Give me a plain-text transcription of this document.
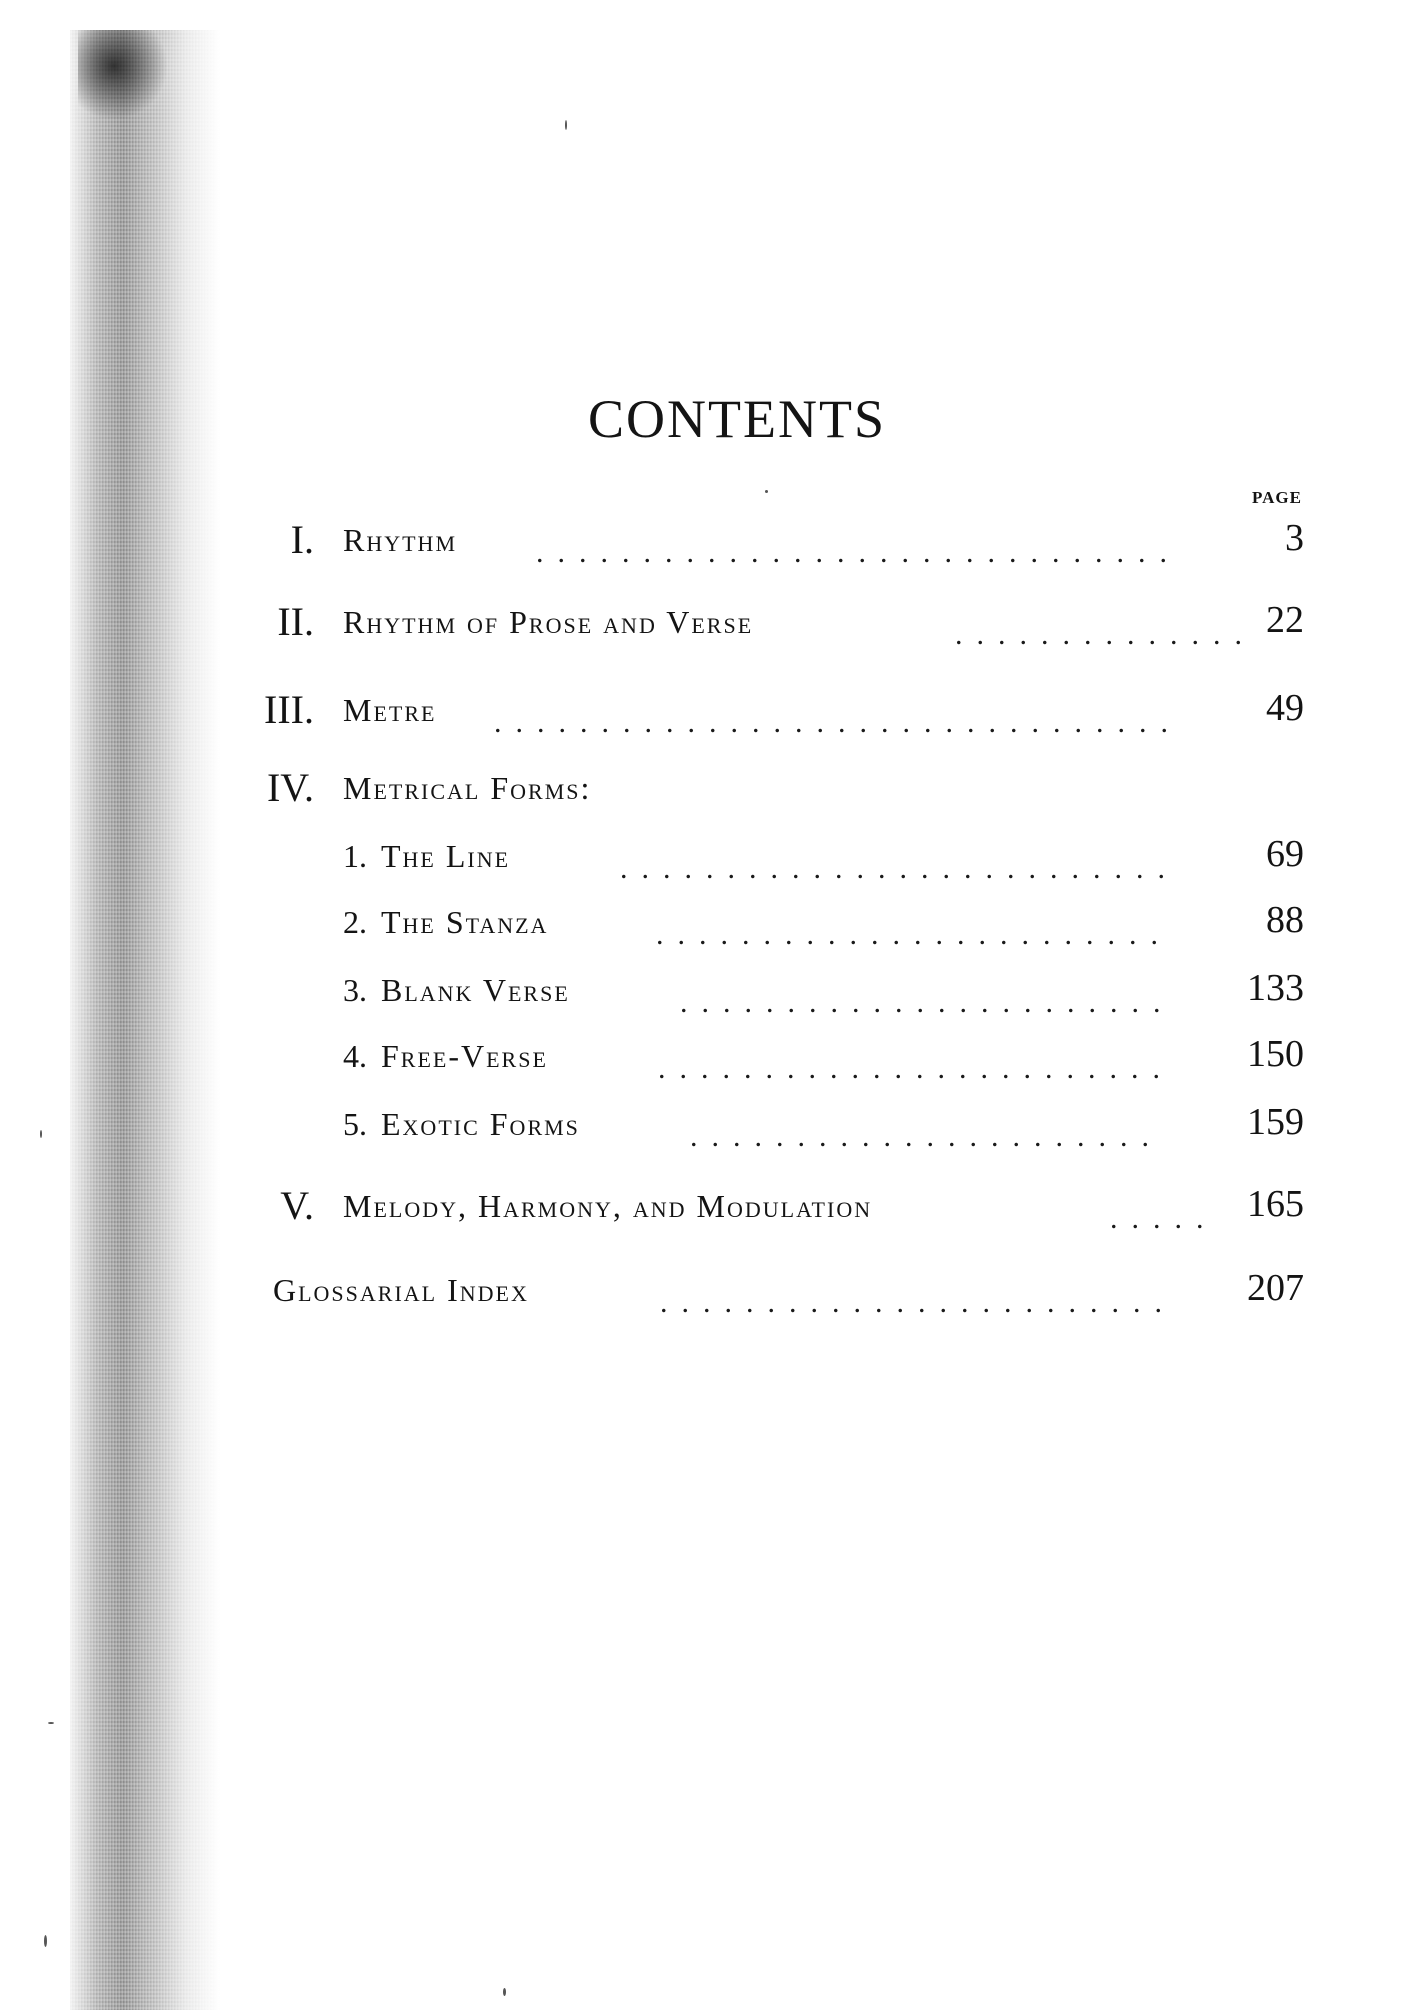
CONTENTS
PAGE
I. Rhythm	..............................	3
II. Rhythm of Prose and Verse	.............. 22
III. Metre ................................	49
IV. Metrical Forms:
1. The Line	..........................	69
2. The Stanza	........................	88
3. Blank Verse	.......................	133
4. Free-Verse	........................	150
5. Exotic Forms	......................	159
V. Melody, Harmony, and Modulation	..... 165
Glossarial Index	........................	207
